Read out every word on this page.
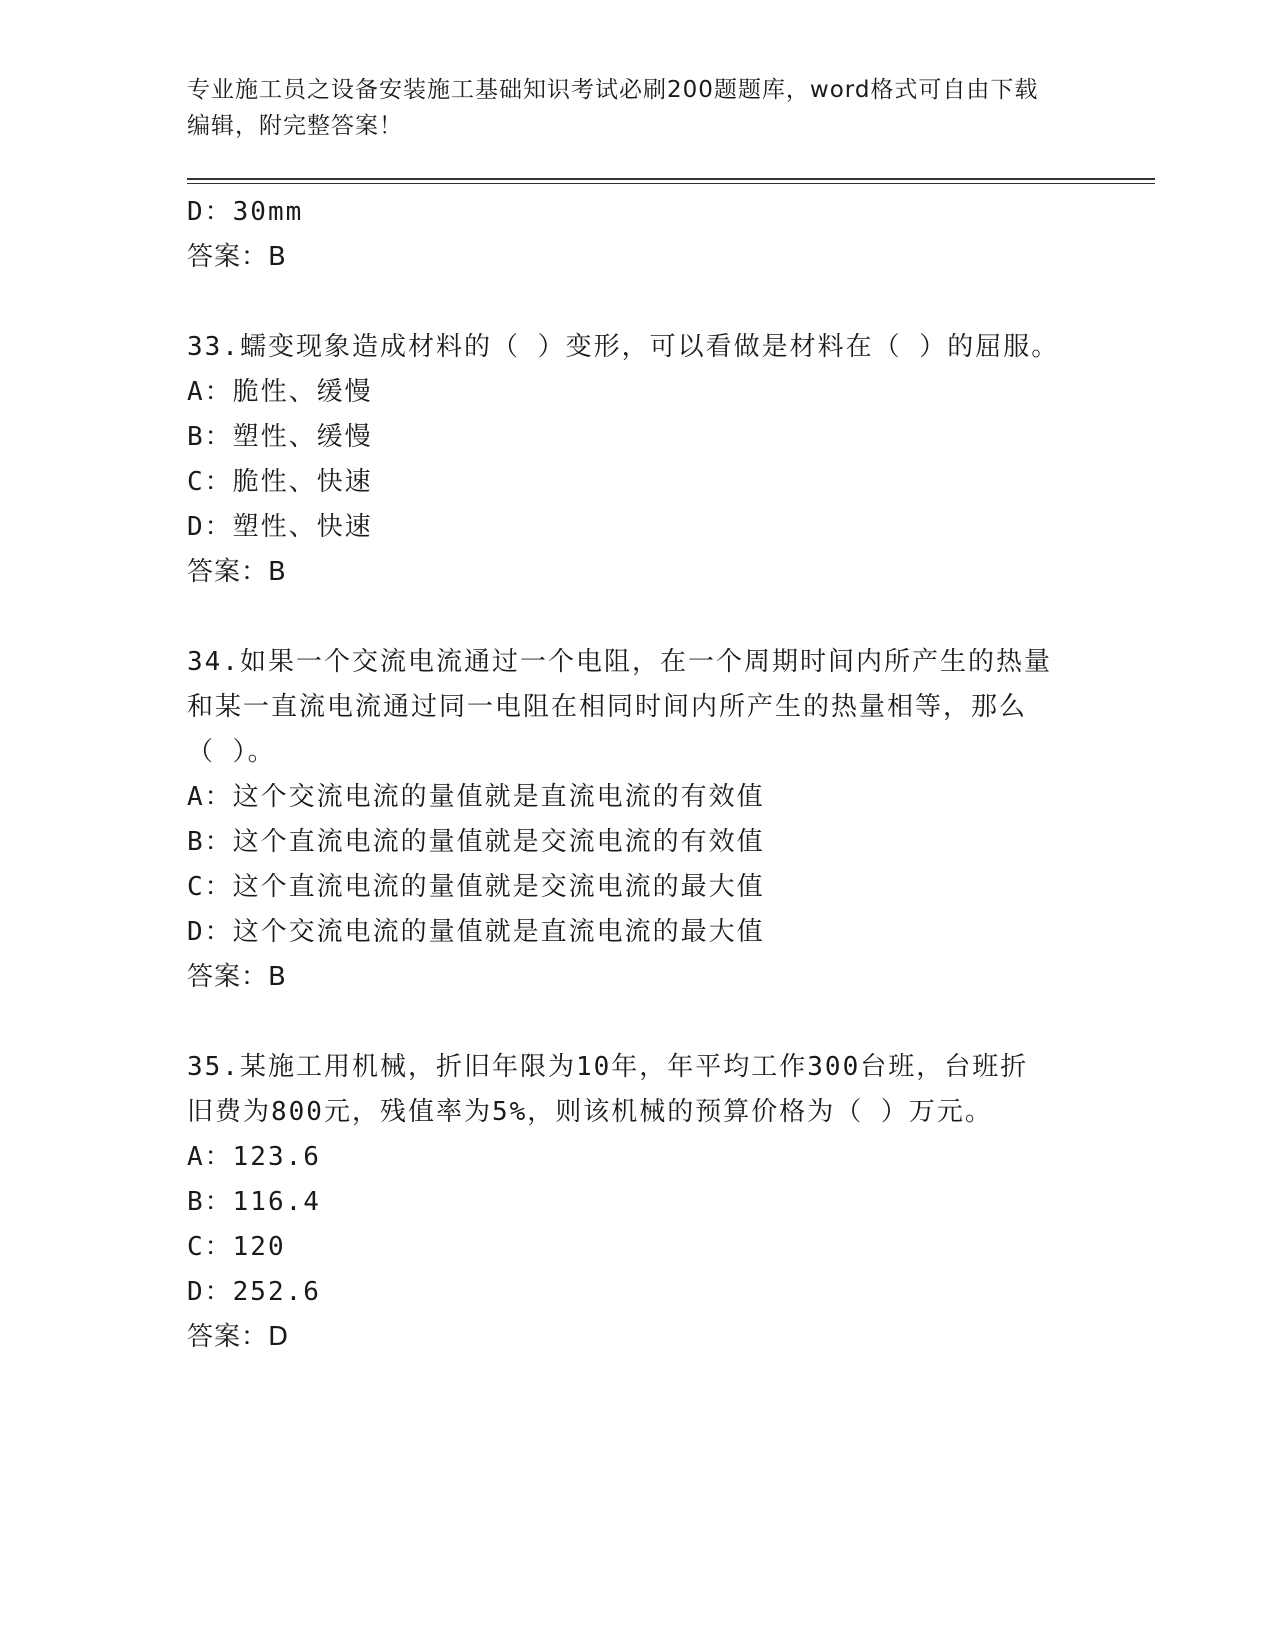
专业施工员之设备安装施工基础知识考试必刷200题题库，word格式可自由下载
编辑，附完整答案！
D：30mm
答案：B
33.蠕变现象造成材料的（ ）变形，可以看做是材料在（ ）的屈服。
A：脆性、缓慢
B：塑性、缓慢
C：脆性、快速
D：塑性、快速
答案：B
34.如果一个交流电流通过一个电阻，在一个周期时间内所产生的热量
和某一直流电流通过同一电阻在相同时间内所产生的热量相等，那么
（ ）。
A：这个交流电流的量值就是直流电流的有效值
B：这个直流电流的量值就是交流电流的有效值
C：这个直流电流的量值就是交流电流的最大值
D：这个交流电流的量值就是直流电流的最大值
答案：B
35.某施工用机械，折旧年限为10年，年平均工作300台班，台班折
旧费为800元，残值率为5%，则该机械的预算价格为（ ）万元。
A：123.6
B：116.4
C：120
D：252.6
答案：D
